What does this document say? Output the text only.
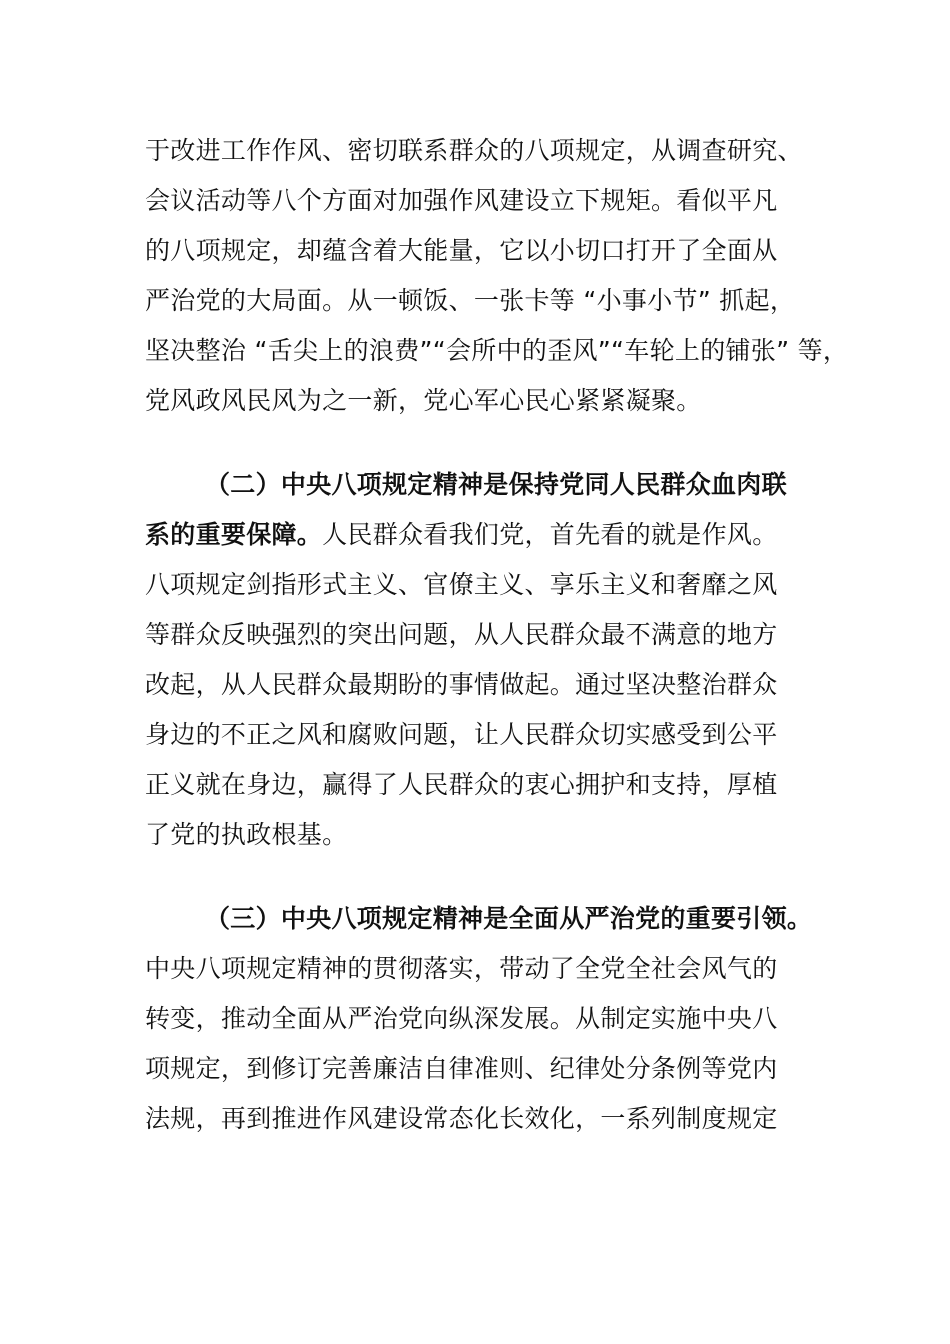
于改进工作作风、密切联系群众的八项规定，从调查研究、
会议活动等八个方面对加强作风建设立下规矩。看似平凡
的八项规定，却蕴含着大能量，它以小切口打开了全面从
严治党的大局面。从一顿饭、一张卡等 “小事小节” 抓起，
坚决整治 “舌尖上的浪费”“会所中的歪风”“车轮上的铺张” 等，
党风政风民风为之一新，党心军心民心紧紧凝聚。
（二）中央八项规定精神是保持党同人民群众血肉联
系的重要保障。人民群众看我们党，首先看的就是作风。
八项规定剑指形式主义、官僚主义、享乐主义和奢靡之风
等群众反映强烈的突出问题，从人民群众最不满意的地方
改起，从人民群众最期盼的事情做起。通过坚决整治群众
身边的不正之风和腐败问题，让人民群众切实感受到公平
正义就在身边，赢得了人民群众的衷心拥护和支持，厚植
了党的执政根基。
（三）中央八项规定精神是全面从严治党的重要引领。
中央八项规定精神的贯彻落实，带动了全党全社会风气的
转变，推动全面从严治党向纵深发展。从制定实施中央八
项规定，到修订完善廉洁自律准则、纪律处分条例等党内
法规，再到推进作风建设常态化长效化，一系列制度规定
